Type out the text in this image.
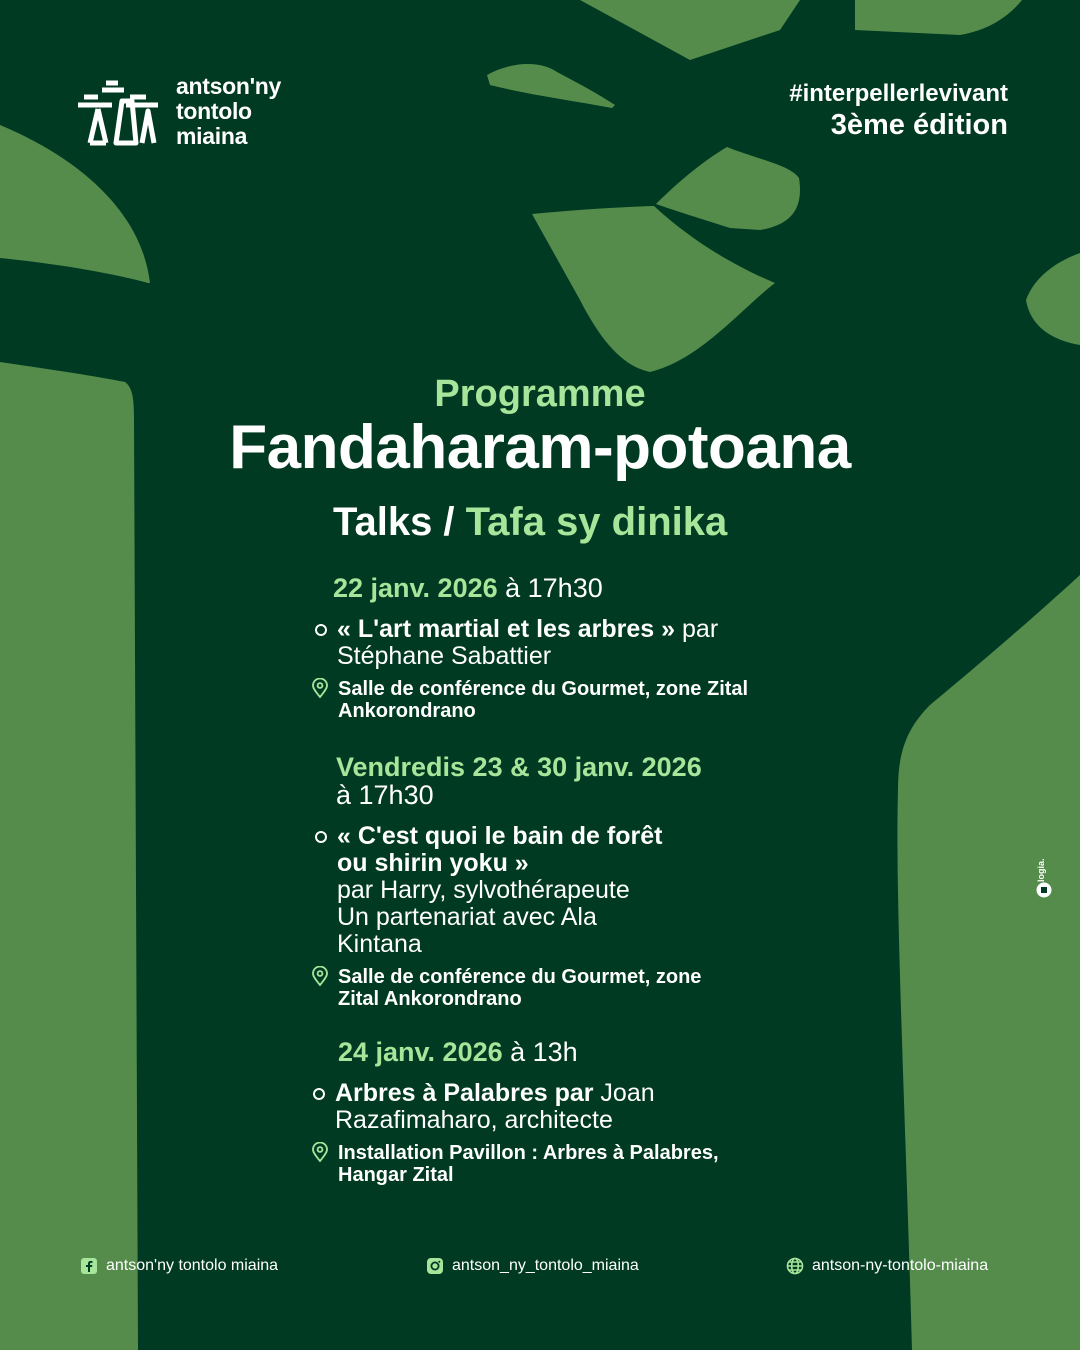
antson'ny
tontolo
miaina
#interpellerlevivant
3ème édition
Programme
Fandaharam-potoana
Talks / Tafa sy dinika
22 janv. 2026 à 17h30
« L'art martial et les arbres » par Stéphane Sabattier
Salle de conférence du Gourmet, zone Zital Ankorondrano
Vendredis 23 & 30 janv. 2026
à 17h30
« C'est quoi le bain de forêt ou shirin yoku »
par Harry, sylvothérapeute
Un partenariat avec Ala Kintana
Salle de conférence du Gourmet, zone Zital Ankorondrano
24 janv. 2026 à 13h
Arbres à Palabres par Joan Razafimaharo, architecte
Installation Pavillon : Arbres à Palabres, Hangar Zital
antson'ny tontolo miaina	antson_ny_tontolo_miaina	antson-ny-tontolo-miaina
logia.
